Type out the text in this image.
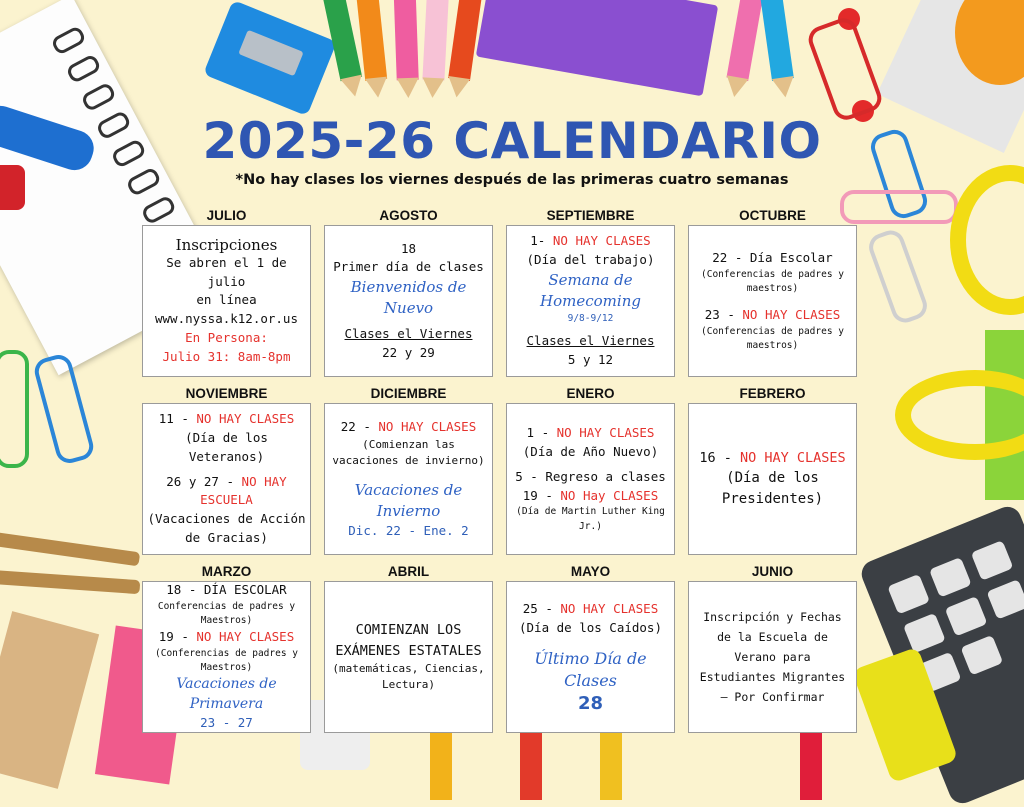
2025-26 CALENDARIO
*No hay clases los viernes después de las primeras cuatro semanas
JULIO
Inscripciones
Se abren el 1 de julio
en línea
www.nyssa.k12.or.us
En Persona:
Julio 31: 8am-8pm
AGOSTO
18
Primer día de clases
Bienvenidos de Nuevo
Clases el Viernes
22 y 29
SEPTIEMBRE
1- NO HAY CLASES
(Día del trabajo)
Semana de Homecoming
9/8-9/12
Clases el Viernes
5 y 12
OCTUBRE
22 - Día Escolar
(Conferencias de padres y maestros)
23 - NO HAY CLASES
(Conferencias de padres y maestros)
NOVIEMBRE
11 - NO HAY CLASES
(Día de los Veteranos)
26 y 27 - NO HAY ESCUELA
(Vacaciones de Acción de Gracias)
DICIEMBRE
22 - NO HAY CLASES
(Comienzan las vacaciones de invierno)
Vacaciones de Invierno
Dic. 22 - Ene. 2
ENERO
1 - NO HAY CLASES
(Día de Año Nuevo)
5 - Regreso a clases
19 - NO Hay CLASES
(Día de Martin Luther King Jr.)
FEBRERO
16 - NO HAY CLASES
(Día de los Presidentes)
MARZO
18 - DÍA ESCOLAR
Conferencias de padres y Maestros)
19 - NO HAY CLASES
(Conferencias de padres y Maestros)
Vacaciones de Primavera
23 - 27
ABRIL
COMIENZAN LOS EXÁMENES ESTATALES
(matemáticas, Ciencias, Lectura)
MAYO
25 - NO HAY CLASES
(Día de los Caídos)
Último Día de Clases
28
JUNIO
Inscripción y Fechas de la Escuela de Verano para Estudiantes Migrantes — Por Confirmar
